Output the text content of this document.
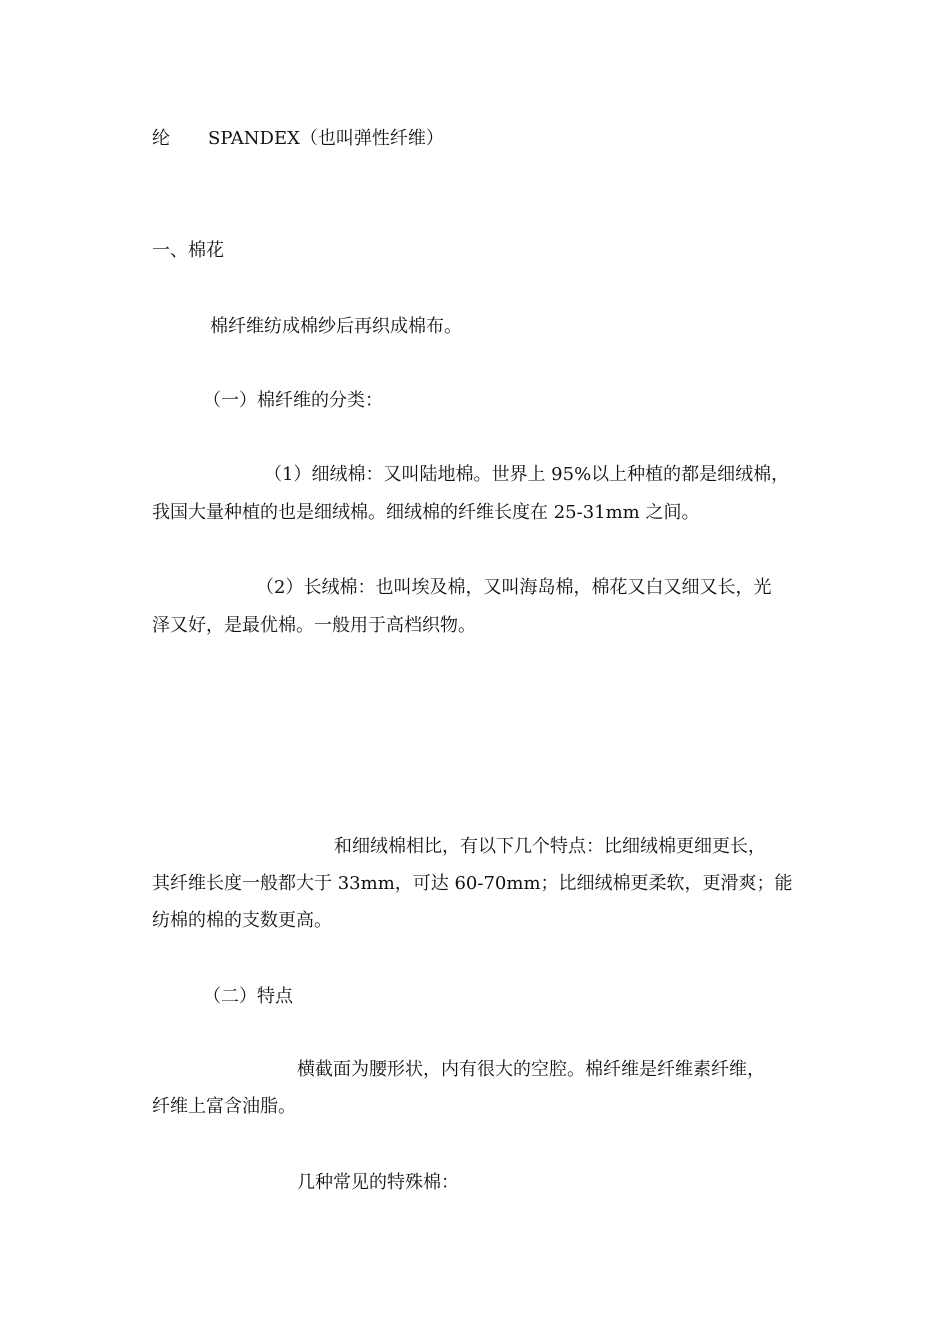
纶 SPANDEX（也叫弹性纤维）
一、棉花
棉纤维纺成棉纱后再织成棉布。
（一）棉纤维的分类：
（1）细绒棉：又叫陆地棉。世界上 95%以上种植的都是细绒棉，
我国大量种植的也是细绒棉。细绒棉的纤维长度在 25-31mm 之间。
（2）长绒棉：也叫埃及棉，又叫海岛棉，棉花又白又细又长，光
泽又好，是最优棉。一般用于高档织物。
和细绒棉相比，有以下几个特点：比细绒棉更细更长，
其纤维长度一般都大于 33mm，可达 60-70mm；比细绒棉更柔软，更滑爽；能
纺棉的棉的支数更高。
（二）特点
横截面为腰形状，内有很大的空腔。棉纤维是纤维素纤维，
纤维上富含油脂。
几种常见的特殊棉：
